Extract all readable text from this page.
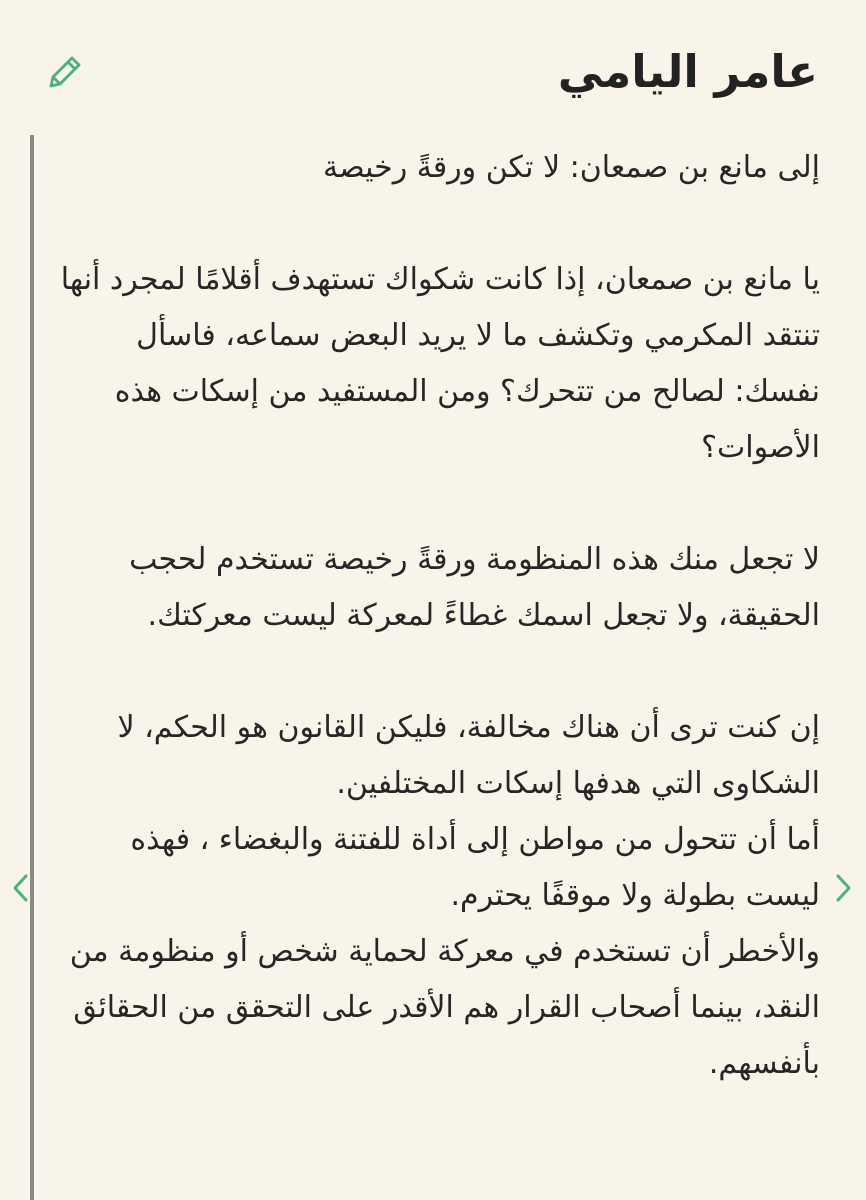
عامر اليامي

إلى مانع بن صمعان: لا تكن ورقةً رخيصة

يا مانع بن صمعان، إذا كانت شكواك تستهدف أقلامًا لمجرد أنها تنتقد المكرمي وتكشف ما لا يريد البعض سماعه، فاسأل نفسك: لصالح من تتحرك؟ ومن المستفيد من إسكات هذه الأصوات؟

لا تجعل منك هذه المنظومة ورقةً رخيصة تستخدم لحجب الحقيقة، ولا تجعل اسمك غطاءً لمعركة ليست معركتك.

إن كنت ترى أن هناك مخالفة، فليكن القانون هو الحكم، لا الشكاوى التي هدفها إسكات المختلفين.

أما أن تتحول من مواطن إلى أداة للفتنة والبغضاء ، فهذه ليست بطولة ولا موقفًا يحترم.

والأخطر أن تستخدم في معركة لحماية شخص أو منظومة من النقد، بينما أصحاب القرار هم الأقدر على التحقق من الحقائق بأنفسهم.
